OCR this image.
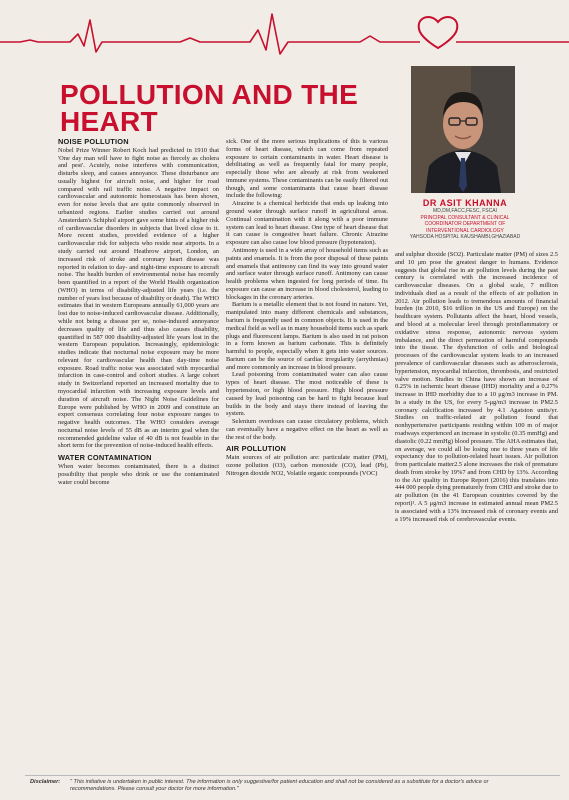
POLLUTION AND THE HEART
DR ASIT KHANNA
MD,DM,FACC,FESC, FSCAI
PRINCIPAL CONSULTANT & CLINICAL
COORDINATOR DEPARTMENT OF
INTERVENTIONAL CARDIOLOGY
YAHSODA HOSPITAL KAUSHAMBI,GHAZIABAD
NOISE POLLUTION

Nobel Prize Winner Robert Koch had predicted in 1910 that 'One day man will have to fight noise as fiercely as cholera and pest'. Acutely, noise interferes with communication, disturbs sleep, and causes annoyance. These disturbance are usually highest for aircraft noise, and higher for road compared with rail traffic noise. A negative impact on cardiovascular and autonomic homeostasis has been shown, even for noise levels that are quite commonly observed in urbanized regions. Earlier studies carried out around Amsterdam's Schiphol airport gave some hints of a higher risk of cardiovascular disorders in subjects that lived close to it. More recent studies, provided evidence of a higher cardiovascular risk for subjects who reside near airports. In a study carried out around Heathrow airport, London, an increased risk of stroke and coronary heart disease was reported in relation to day- and night-time exposure to aircraft noise. The health burden of environmental noise has recently been quantified in a report of the World Health organization (WHO) in terms of disability-adjusted life years (i.e. the number of years lost because of disability or death). The WHO estimates that in western Europeans annually 61,000 years are lost due to noise-induced cardiovascular disease. Additionally, while not being a disease per se, noise-induced annoyance decreases quality of life and thus also causes disability, quantified in 587 000 disability-adjusted life years lost in the western European population. Increasingly, epidemiologic studies indicate that nocturnal noise exposure may be more relevant for cardiovascular health than day-time noise exposure. Road traffic noise was associated with myocardial infarction in case-control and cohort studies. A large cohort study in Switzerland reported an increased mortality due to myocardial infarction with increasing exposure levels and duration of aircraft noise. The Night Noise Guidelines for Europe were published by WHO in 2009 and constitute an expert consensus correlating four noise exposure ranges to negative health outcomes. The WHO considers average nocturnal noise levels of 55 dB as an interim goal when the recommended guideline value of 40 dB is not feasible in the short term for the prevention of noise-induced health effects.

WATER CONTAMINATION

When water becomes contaminated, there is a distinct possibility that people who drink or use the contaminated water could become

sick. One of the more serious implications of this is various forms of heart disease, which can come from repeated exposure to certain contaminants in water. Heart disease is debilitating as well as frequently fatal for many people, especially those who are already at risk from weakened immune systems. These contaminants can be easily filtered out though, and some contaminants that cause heart disease include the following:

Atrazine is a chemical herbicide that ends up leaking into ground water through surface runoff in agricultural areas. Continual contamination with it along with a poor immune system can lead to heart disease. One type of heart disease that it can cause is congestive heart failure. Chronic Atrazine exposure can also cause low blood pressure (hypotension).

Antimony is used in a wide array of household items such as paints and enamels. It is from the poor disposal of these paints and enamels that antimony can find its way into ground water and surface water through surface runoff. Antimony can cause health problems when ingested for long periods of time. Its exposure can cause an increase in blood cholesterol, leading to blockages in the coronary arteries.

Barium is a metallic element that is not found in nature. Yet, manipulated into many different chemicals and substances, barium is frequently used in common objects. It is used in the medical field as well as in many household items such as spark plugs and fluorescent lamps. Barium is also used in rat poison in a form known as barium carbonate. This is definitely harmful to people, especially when it gets into water sources. Barium can be the source of cardiac irregularity (arrythmias) and more commonly an increase in blood pressure.

Lead poisoning from contaminated water can also cause types of heart disease. The most noticeable of these is hypertension, or high blood pressure. High blood pressure caused by lead poisoning can be hard to fight because lead builds in the body and stays there instead of leaving the system.

Selenium overdoses can cause circulatory problems, which can eventually have a negative effect on the heart as well as the rest of the body.

AIR POLLUTION

Main sources of air pollution are: particulate matter (PM), ozone pollution (O3), carbon monoxide (CO), lead (Pb), Nitrogen dioxide NO2, Volatile organic compounds (VOC)

and sulphur dioxide (SO2). Particulate matter (PM) of sizes 2.5 and 10 μm pose the greatest danger to humans. Evidence suggests that global rise in air pollution levels during the past century is correlated with the increased incidence of cardiovascular diseases. On a global scale, 7 million individuals died as a result of the effects of air pollution in 2012. Air pollution leads to tremendous amounts of financial burden (in 2010, $16 trillion in the US and Europe) on the healthcare system. Pollutants affect the heart, blood vessels, and blood at a molecular level through proinflammatory or oxidative stress response, autonomic nervous system imbalance, and the direct permeation of harmful compounds into the tissue. The dysfunction of cells and biological processes of the cardiovascular system leads to an increased prevalence of cardiovascular diseases such as atherosclerosis, hypertension, myocardial infarction, thrombosis, and restricted valve motion. Studies in China have shown an increase of 0.25% in ischemic heart disease (IHD) mortality and a 0.27% increase in IHD morbidity due to a 10 μg/m3 increase in PM. In a study in the US, for every 5-μg/m3 increase in PM2.5 coronary calcification increased by 4.1 Agatston units/yr. Studies on traffic-related air pollution found that nonhypertensive participants residing within 100 m of major roadways experienced an increase in systolic (0.35 mmHg) and diastolic (0.22 mmHg) blood pressure. The AHA estimates that, on average, we could all be losing one to three years of life expectancy due to pollution-related heart issues. Air pollution from particulate matter2.5 alone increases the risk of premature death from stroke by 19%7 and from CHD by 13%. According to the Air quality in Europe Report (2016) this translates into 444 000 people dying prematurely from CHD and stroke due to air pollution (in the 41 European countries covered by the report)¹. A 5 μg/m3 increase in estimated annual mean PM2.5 is associated with a 13% increased risk of coronary events and a 19% increased risk of cerebrovascular events.

Disclaimer: " This initiative is undertaken in public interest. The information is only suggestive/for patient education and shall not be considered as a substitute for a doctor's advice or recommendations. Please consult your doctor for more information."
